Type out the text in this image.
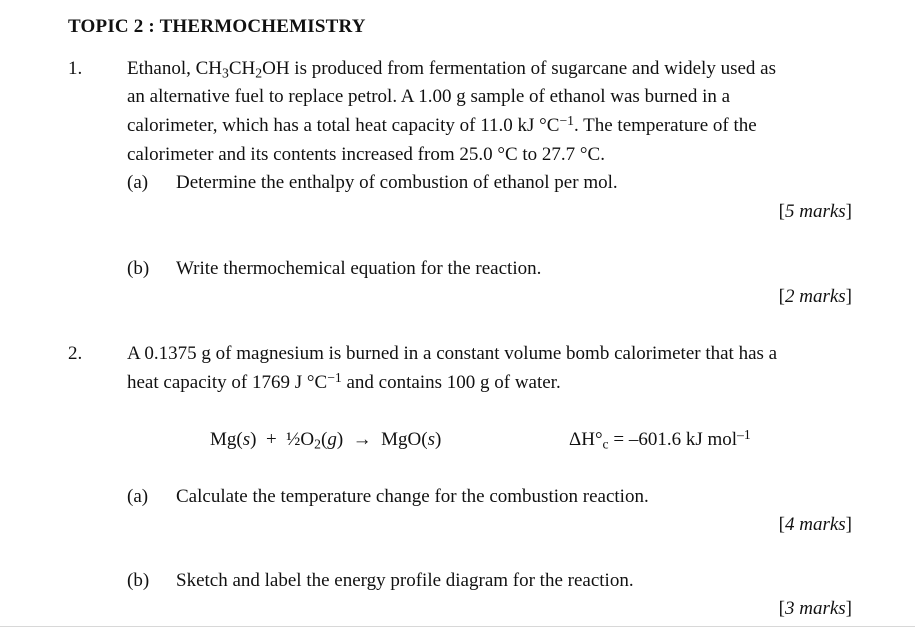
TOPIC 2 : THERMOCHEMISTRY
1. Ethanol, $CH_3CH_2OH$ is produced from fermentation of sugarcane and widely used as
an alternative fuel to replace petrol. A 1.00 g sample of ethanol was burned in a
calorimeter, which has a total heat capacity of 11.0 kJ $^\circ C^{-1}$. The temperature of the
calorimeter and its contents increased from 25.0 °C to 27.7 °C.
(a) Determine the enthalpy of combustion of ethanol per mol.
[5 marks]
(b) Write thermochemical equation for the reaction.
[2 marks]
2. A 0.1375 g of magnesium is burned in a constant volume bomb calorimeter that has a
heat capacity of 1769 J $^\circ C^{-1}$ and contains 100 g of water.
$Mg(s) + \frac{1}{2}O_2(g) \to MgO(s)$	$\Delta H^\circ_c = -601.6$ kJ mol$^{-1}$
(a) Calculate the temperature change for the combustion reaction.
[4 marks]
(b) Sketch and label the energy profile diagram for the reaction.
[3 marks]
